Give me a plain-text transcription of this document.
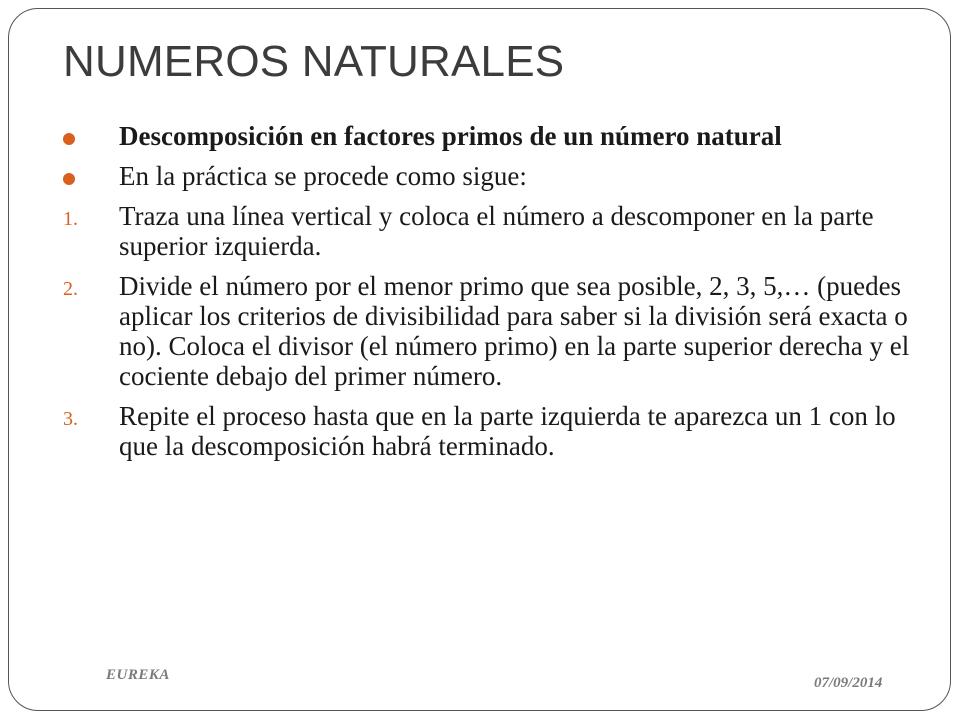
NUMEROS NATURALES
Descomposición en factores primos de un número natural
En la práctica se procede como sigue:
1. Traza una línea vertical y coloca el número a descomponer en la parte superior izquierda.
2. Divide el número por el menor primo que sea posible, 2, 3, 5,… (puedes aplicar los criterios de divisibilidad para saber si la división será exacta o no). Coloca el divisor (el número primo) en la parte superior derecha y el cociente debajo del primer número.
3. Repite el proceso hasta que en la parte izquierda te aparezca un 1 con lo que la descomposición habrá terminado.
EUREKA	07/09/2014
